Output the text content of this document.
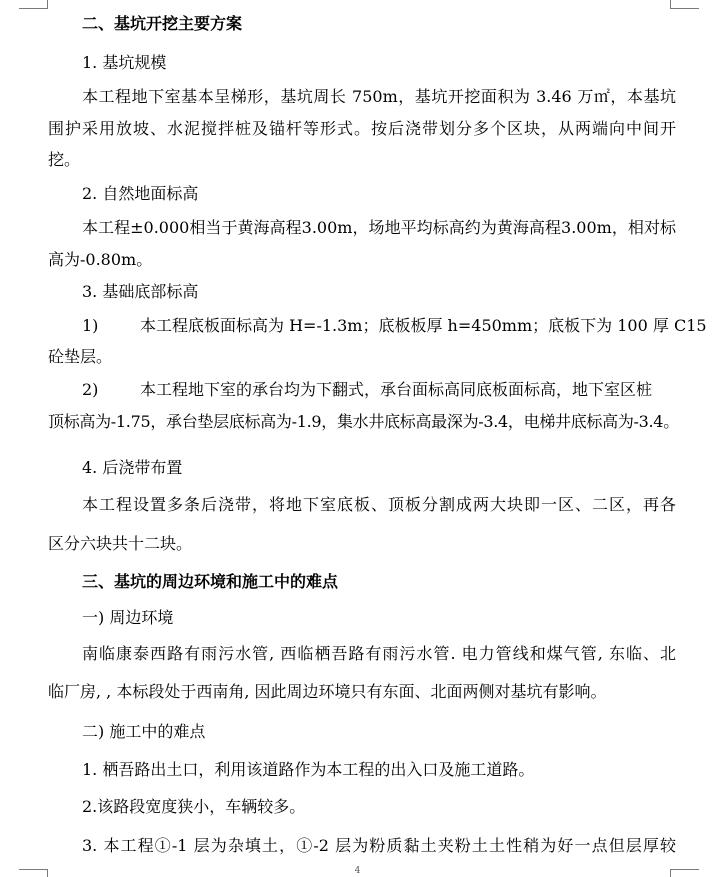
二、基坑开挖主要方案
1. 基坑规模
本工程地下室基本呈梯形，基坑周长 750m，基坑开挖面积为 3.46 万㎡，本基坑
围护采用放坡、水泥搅拌桩及锚杆等形式。按后浇带划分多个区块，从两端向中间开
挖。
2. 自然地面标高
本工程±0.000相当于黄海高程3.00m，场地平均标高约为黄海高程3.00m，相对标
高为-0.80m。
3. 基础底部标高
1)	本工程底板面标高为 H=-1.3m；底板板厚 h=450mm；底板下为 100 厚 C15
砼垫层。
2)	本工程地下室的承台均为下翻式，承台面标高同底板面标高，地下室区桩
顶标高为-1.75，承台垫层底标高为-1.9，集水井底标高最深为-3.4，电梯井底标高为-3.4。
4. 后浇带布置
本工程设置多条后浇带，将地下室底板、顶板分割成两大块即一区、二区，再各
区分六块共十二块。
三、基坑的周边环境和施工中的难点
一) 周边环境
南临康泰西路有雨污水管, 西临栖吾路有雨污水管. 电力管线和煤气管, 东临、北
临厂房, , 本标段处于西南角, 因此周边环境只有东面、北面两侧对基坑有影响。
二) 施工中的难点
1. 栖吾路出土口，利用该道路作为本工程的出入口及施工道路。
2.该路段宽度狭小，车辆较多。
3. 本工程①-1 层为杂填土，①-2 层为粉质黏土夹粉土土性稍为好一点但层厚较
4
